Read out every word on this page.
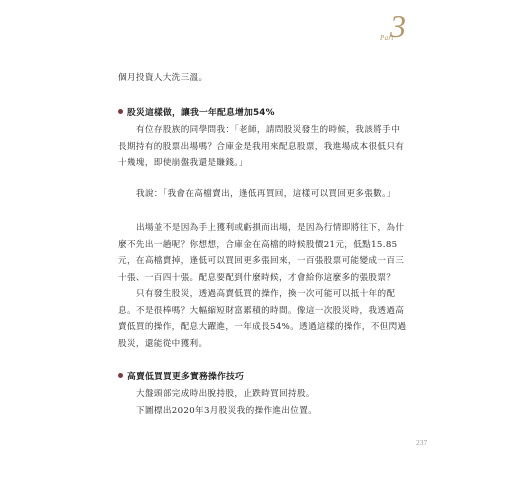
Part
3

個月投資人大洗三溫。

股災這樣做，讓我一年配息增加54%

有位存股族的同學問我：「老師，請問股災發生的時候，我該將手中長期持有的股票出場嗎？合庫金是我用來配息股票，我進場成本很低只有十幾塊，即使崩盤我還是賺錢。」

我說：「我會在高檔賣出，逢低再買回，這樣可以買回更多張數。」

出場並不是因為手上獲利或虧損而出場，是因為行情即將往下，為什麼不先出一趟呢？你想想，合庫金在高檔的時候股價21元，低點15.85元，在高檔賣掉，逢低可以買回更多張回來，一百張股票可能變成一百三十張、一百四十張。配息要配到什麼時候，才會給你這麼多的張股票？

只有發生股災，透過高賣低買的操作，換一次可能可以抵十年的配息。不是很棒嗎？大幅縮短財富累積的時間。像這一次股災時，我透過高賣低買的操作，配息大躍進，一年成長54%。透過這樣的操作，不但閃過股災，還能從中獲利。

高賣低買買更多實務操作技巧

大盤頭部完成時出脫持股，止跌時買回持股。

下圖標出2020年3月股災我的操作進出位置。

237
